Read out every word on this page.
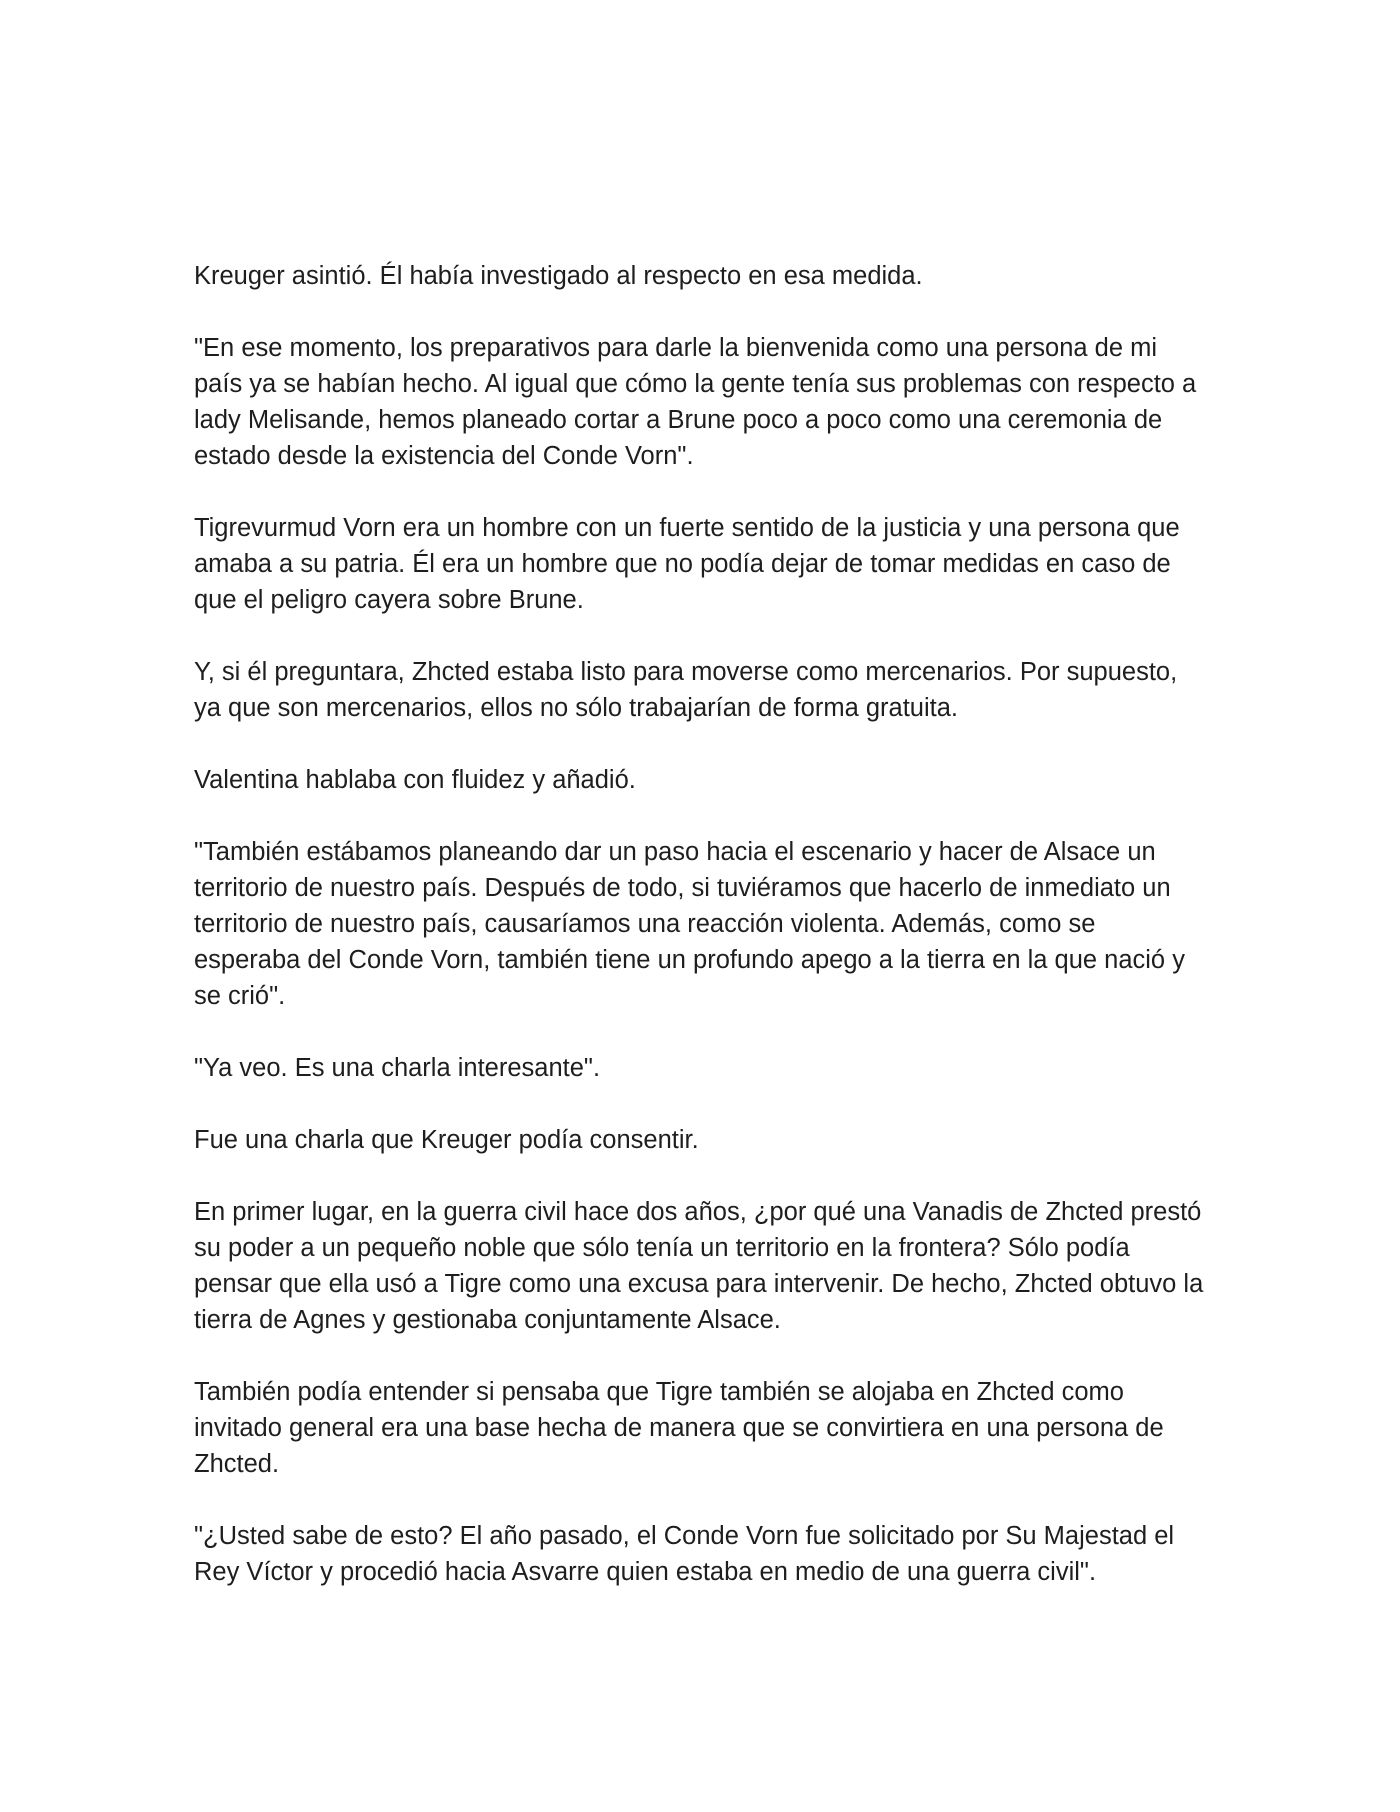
Kreuger asintió. Él había investigado al respecto en esa medida.

"En ese momento, los preparativos para darle la bienvenida como una persona de mi país ya se habían hecho. Al igual que cómo la gente tenía sus problemas con respecto a lady Melisande, hemos planeado cortar a Brune poco a poco como una ceremonia de estado desde la existencia del Conde Vorn".

Tigrevurmud Vorn era un hombre con un fuerte sentido de la justicia y una persona que amaba a su patria. Él era un hombre que no podía dejar de tomar medidas en caso de que el peligro cayera sobre Brune.

Y, si él preguntara, Zhcted estaba listo para moverse como mercenarios. Por supuesto, ya que son mercenarios, ellos no sólo trabajarían de forma gratuita.

Valentina hablaba con fluidez y añadió.

"También estábamos planeando dar un paso hacia el escenario y hacer de Alsace un territorio de nuestro país. Después de todo, si tuviéramos que hacerlo de inmediato un territorio de nuestro país, causaríamos una reacción violenta. Además, como se esperaba del Conde Vorn, también tiene un profundo apego a la tierra en la que nació y se crió".

"Ya veo. Es una charla interesante".

Fue una charla que Kreuger podía consentir.

En primer lugar, en la guerra civil hace dos años, ¿por qué una Vanadis de Zhcted prestó su poder a un pequeño noble que sólo tenía un territorio en la frontera? Sólo podía pensar que ella usó a Tigre como una excusa para intervenir. De hecho, Zhcted obtuvo la tierra de Agnes y gestionaba conjuntamente Alsace.

También podía entender si pensaba que Tigre también se alojaba en Zhcted como invitado general era una base hecha de manera que se convirtiera en una persona de Zhcted.

"¿Usted sabe de esto? El año pasado, el Conde Vorn fue solicitado por Su Majestad el Rey Víctor y procedió hacia Asvarre quien estaba en medio de una guerra civil".
